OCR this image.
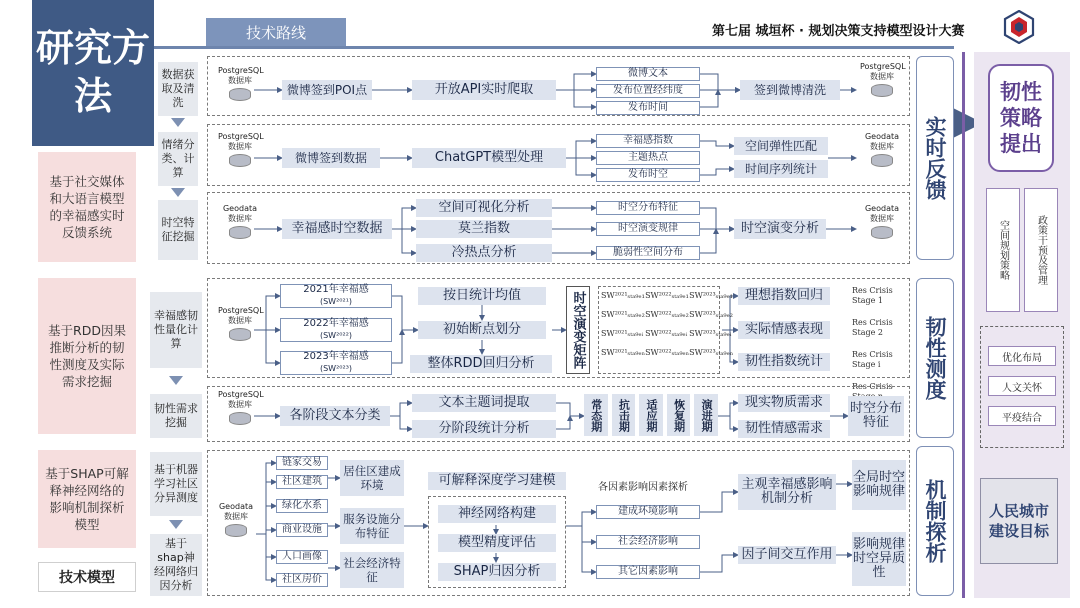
研究方法
技术路线	第七届 城垣杯 · 规划决策支持模型设计大赛
基于社交媒体和大语言模型的幸福感实时反馈系统
基于RDD因果推断分析的韧性测度及实际需求挖掘
基于SHAP可解释神经网络的影响机制探析模型
技术模型
数据获取及清洗
情绪分类、计算
时空特征挖掘
幸福感韧性量化计算
韧性需求挖掘
基于机器学习社区分异测度
基于shap神经网络归因分析
PostgreSQL
数据库
微博签到POI点	开放API实时爬取
微博文本
发布位置经纬度
发布时间
签到微博清洗
PostgreSQL
数据库
PostgreSQL
数据库
微博签到数据	ChatGPT模型处理
幸福感指数
主题热点
发布时空
空间弹性匹配
时间序列统计
Geodata
数据库
Geodata
数据库
幸福感时空数据
空间可视化分析
莫兰指数
冷热点分析
时空分布特征
时空演变规律
脆弱性空间分布
时空演变分析
Geodata
数据库
PostgreSQL
数据库
2021年幸福感
(SW²⁰²¹)
2022年幸福感
(SW²⁰²²)
2023年幸福感
(SW²⁰²³)
按日统计均值
初始断点划分
整体RDD回归分析	时空演变矩阵 SW²⁰²¹ₛₜₐ₉ₑ₁ SW²⁰²²ₛₜₐ₉ₑ₁ SW²⁰²³ₛₜₐ₉ₑ₁
SW²⁰²¹ₛₜₐ₉ₑ₂ SW²⁰²²ₛₜₐ₉ₑ₂ SW²⁰²³ₛₜₐ₉ₑ₂
SW²⁰²¹ₛₜₐ₉ₑᵢ SW²⁰²²ₛₜₐ₉ₑᵢ SW²⁰²³ₛₜₐ₉ₑᵢ
SW²⁰²¹ₛₜₐ₉ₑₙ SW²⁰²²ₛₜₐ₉ₑₙ SW²⁰²³ₛₜₐ₉ₑₙ
理想指数回归
实际情感表现
韧性指数统计
Res Crisis Stage 1
Res Crisis Stage 2
Res Crisis Stage i
Res Crisis
PostgreSQL
数据库
各阶段文本分类
文本主题词提取
分阶段统计分析	常态期	抗击期	适应期	恢复期	演进期	现实物质需求
韧性情感需求
时空分布特征
Geodata
数据库
链家交易
社区建筑
绿化水系
商业设施
人口画像
社区房价
居住区建成环境
服务设施分布特征
社会经济特征
可解释深度学习建模
神经网络构建
模型精度评估
SHAP归因分析
各因素影响因素探析
建成环境影响
社会经济影响
其它因素影响
主观幸福感影响机制分析
因子间交互作用
全局时空影响规律
影响规律时空异质性
实时反馈
韧性测度
机制探析
韧性策略提出
空间规划策略	政策干预及管理
优化布局
人文关怀
平疫结合
人民城市建设目标
